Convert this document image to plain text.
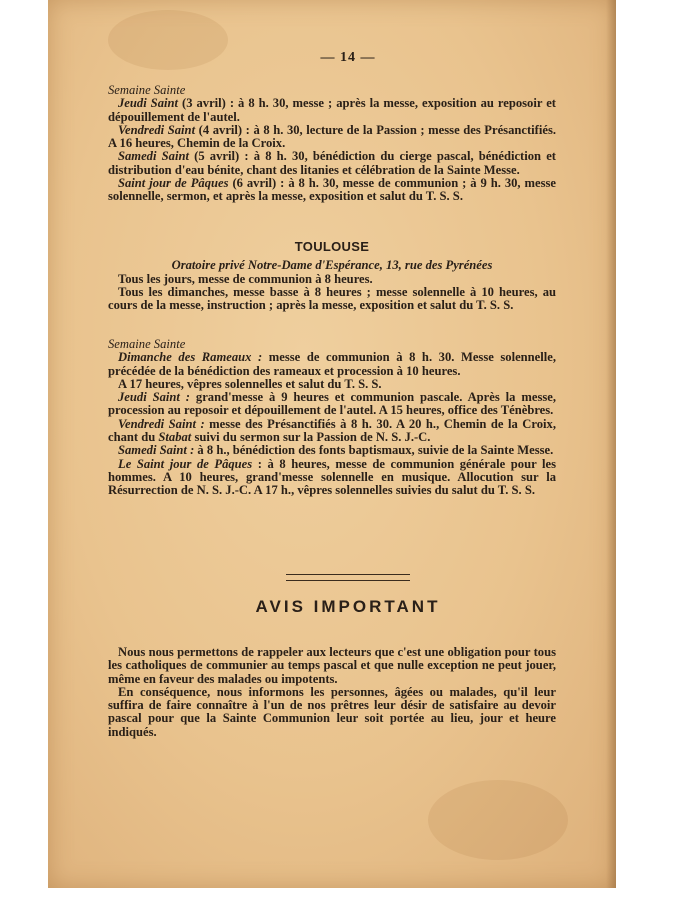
— 14 —

Semaine Sainte

Jeudi Saint (3 avril) : à 8 h. 30, messe ; après la messe, exposition au reposoir et dépouillement de l'autel.

Vendredi Saint (4 avril) : à 8 h. 30, lecture de la Passion ; messe des Présanctifiés. A 16 heures, Chemin de la Croix.

Samedi Saint (5 avril) : à 8 h. 30, bénédiction du cierge pascal, bénédiction et distribution d'eau bénite, chant des litanies et célébration de la Sainte Messe.

Saint jour de Pâques (6 avril) : à 8 h. 30, messe de communion ; à 9 h. 30, messe solennelle, sermon, et après la messe, exposition et salut du T. S. S.

TOULOUSE
Oratoire privé Notre-Dame d'Espérance, 13, rue des Pyrénées

Tous les jours, messe de communion à 8 heures.

Tous les dimanches, messe basse à 8 heures ; messe solennelle à 10 heures, au cours de la messe, instruction ; après la messe, exposition et salut du T. S. S.

Semaine Sainte

Dimanche des Rameaux : messe de communion à 8 h. 30. Messe solennelle, précédée de la bénédiction des rameaux et procession à 10 heures.

A 17 heures, vêpres solennelles et salut du T. S. S.

Jeudi Saint : grand'messe à 9 heures et communion pascale. Après la messe, procession au reposoir et dépouillement de l'autel. A 15 heures, office des Ténèbres.

Vendredi Saint : messe des Présanctifiés à 8 h. 30. A 20 h., Chemin de la Croix, chant du Stabat suivi du sermon sur la Passion de N. S. J.-C.

Samedi Saint : à 8 h., bénédiction des fonts baptismaux, suivie de la Sainte Messe.

Le Saint jour de Pâques : à 8 heures, messe de communion générale pour les hommes. A 10 heures, grand'messe solennelle en musique. Allocution sur la Résurrection de N. S. J.-C. A 17 h., vêpres solennelles suivies du salut du T. S. S.

AVIS IMPORTANT

Nous nous permettons de rappeler aux lecteurs que c'est une obligation pour tous les catholiques de communier au temps pascal et que nulle exception ne peut jouer, même en faveur des malades ou impotents.

En conséquence, nous informons les personnes, âgées ou malades, qu'il leur suffira de faire connaître à l'un de nos prêtres leur désir de satisfaire au devoir pascal pour que la Sainte Communion leur soit portée au lieu, jour et heure indiqués.
